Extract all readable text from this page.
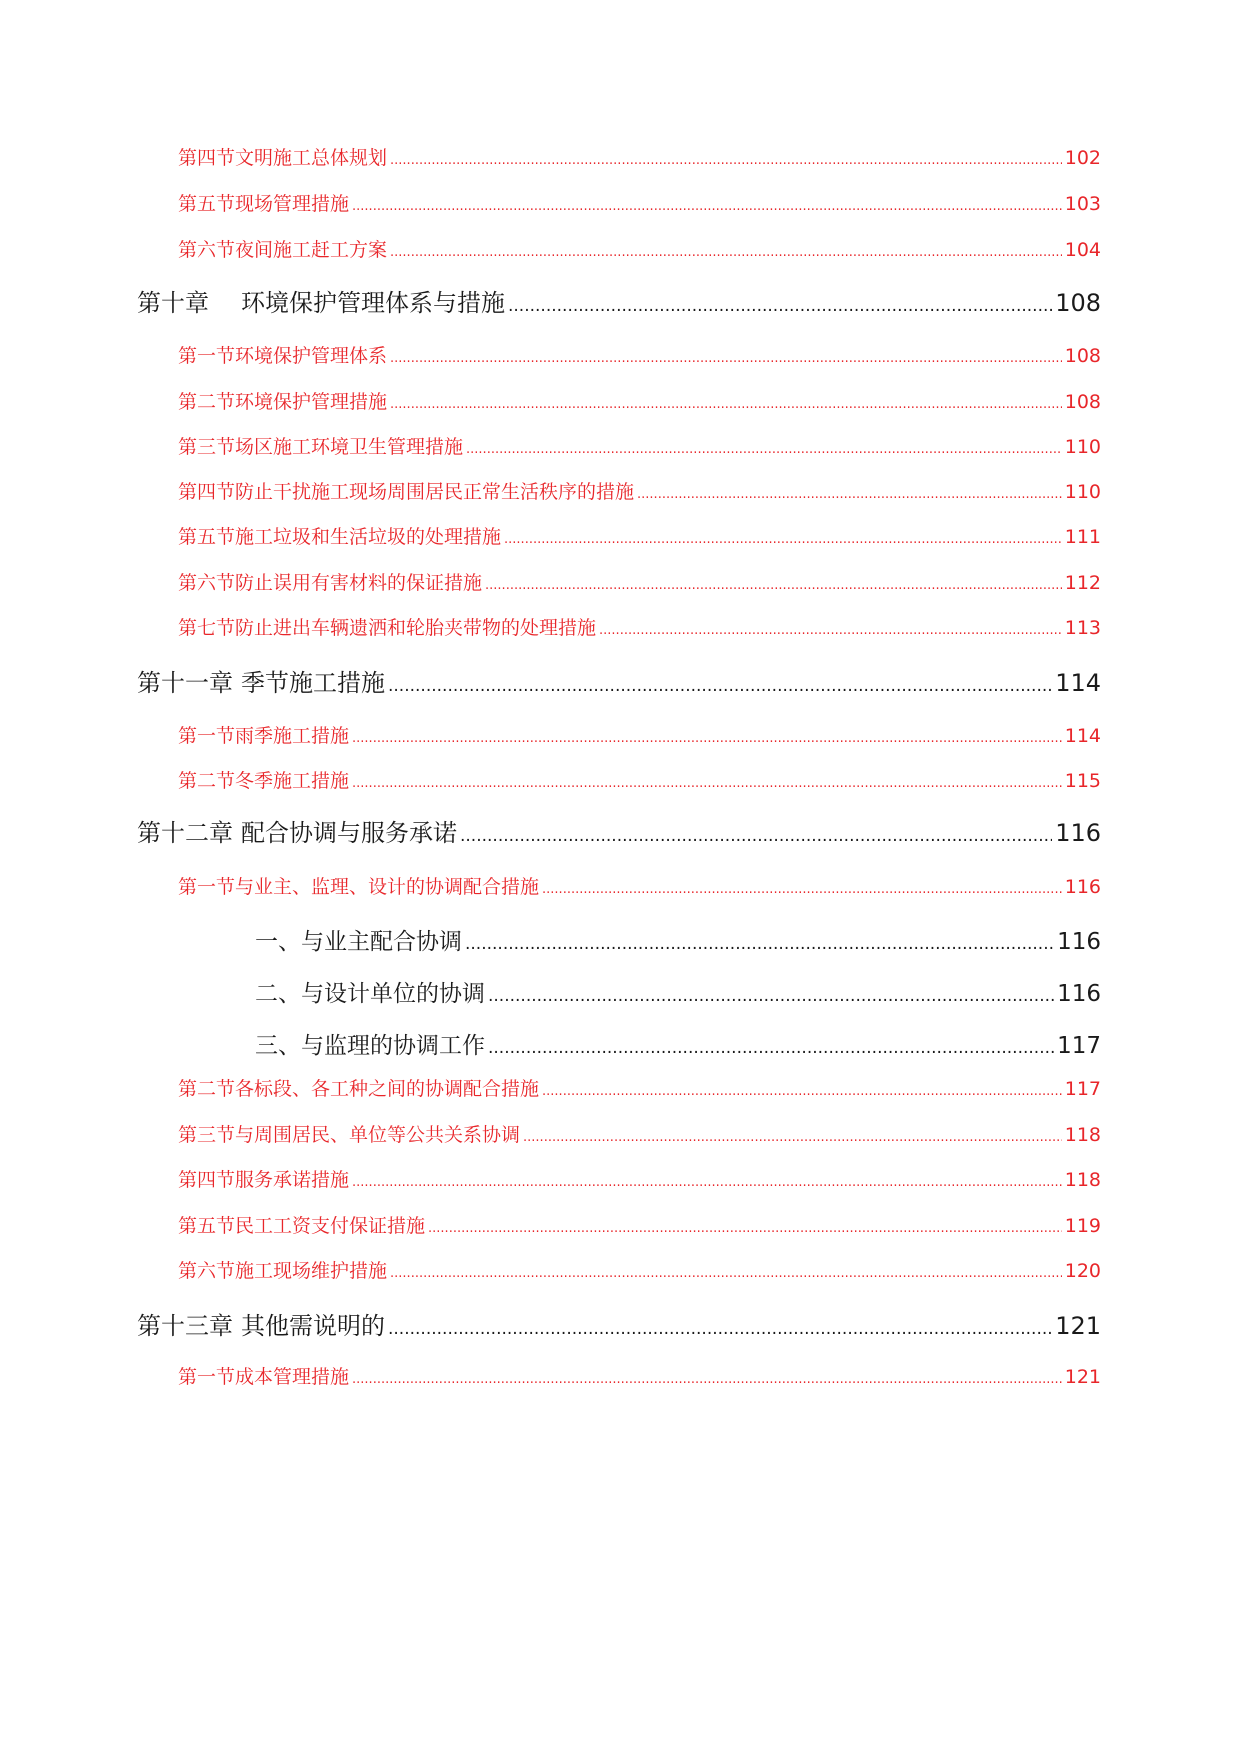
第四节 文明施工总体规划 .....	102
第五节 现场管理措施 .....	103
第六节 夜间施工赶工方案 .....	104
第十章	环境保护管理体系与措施 .....	108
第一节 环境保护管理体系 .....	108
第二节 环境保护管理措施 .....	108
第三节 场区施工环境卫生管理措施 .....	110
第四节 防止干扰施工现场周围居民正常生活秩序的措施 .....	110
第五节 施工垃圾和生活垃圾的处理措施 .....	111
第六节 防止误用有害材料的保证措施 .....	112
第七节 防止进出车辆遗洒和轮胎夹带物的处理措施 .....	113
第十一章 季节施工措施 .....	114
第一节 雨季施工措施 .....	114
第二节 冬季施工措施 .....	115
第十二章 配合协调与服务承诺 .....	116
第一节 与业主、监理、设计的协调配合措施 .....	116
一、与业主配合协调 .....	116
二、与设计单位的协调 .....	116
三、与监理的协调工作 .....	117
第二节 各标段、各工种之间的协调配合措施 .....	117
第三节 与周围居民、单位等公共关系协调 .....	118
第四节 服务承诺措施 .....	118
第五节 民工工资支付保证措施 .....	119
第六节 施工现场维护措施 .....	120
第十三章 其他需说明的 .....	121
第一节 成本管理措施 .....	121
